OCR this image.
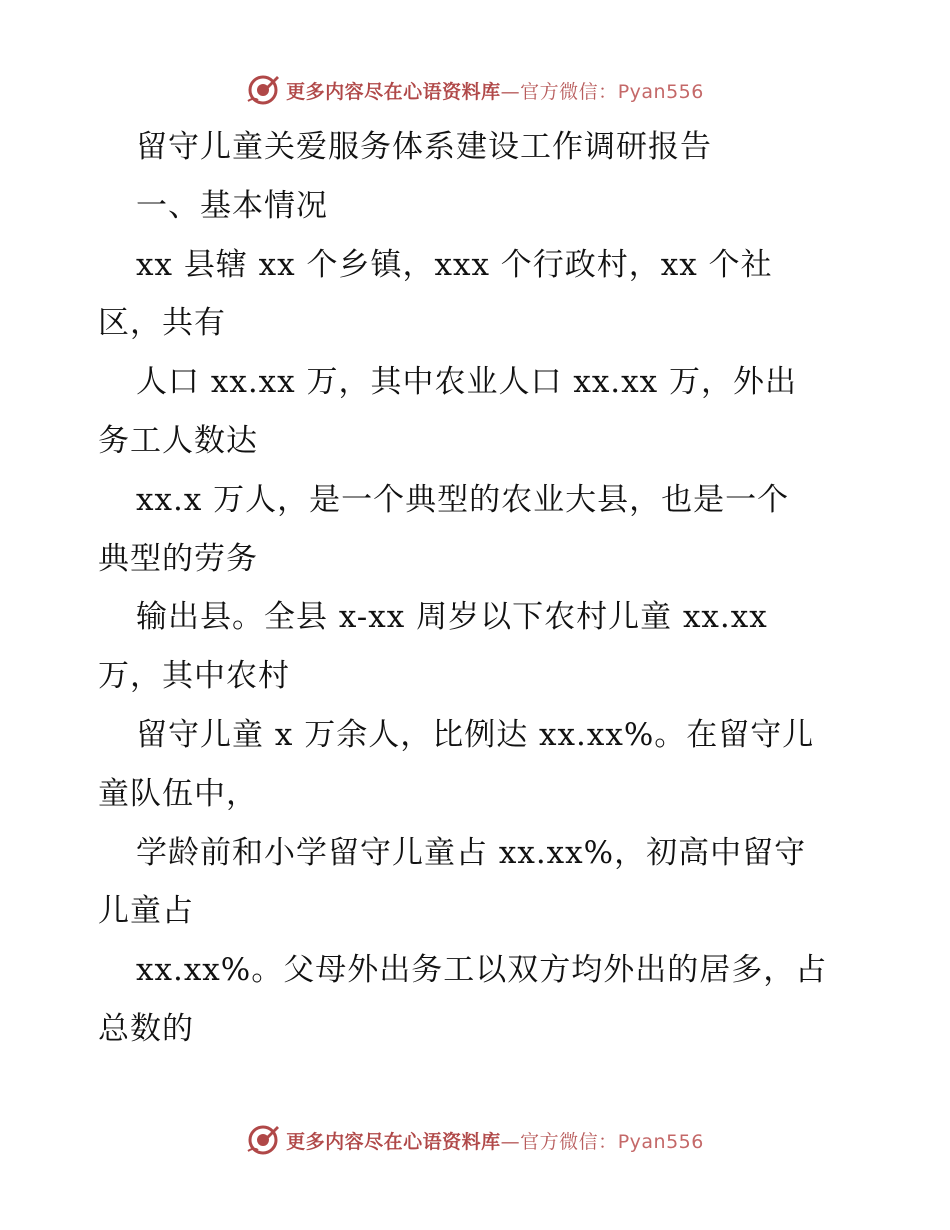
更多内容尽在心语资料库—官方微信：Pyan556
留守儿童关爱服务体系建设工作调研报告
一、基本情况
xx 县辖 xx 个乡镇，xxx 个行政村，xx 个社
区，共有
人口 xx.xx 万，其中农业人口 xx.xx 万，外出
务工人数达
xx.x 万人，是一个典型的农业大县，也是一个
典型的劳务
输出县。全县 x-xx 周岁以下农村儿童 xx.xx
万，其中农村
留守儿童 x 万余人，比例达 xx.xx%。在留守儿
童队伍中，
学龄前和小学留守儿童占 xx.xx%，初高中留守
儿童占
xx.xx%。父母外出务工以双方均外出的居多，占
总数的
更多内容尽在心语资料库—官方微信：Pyan556
